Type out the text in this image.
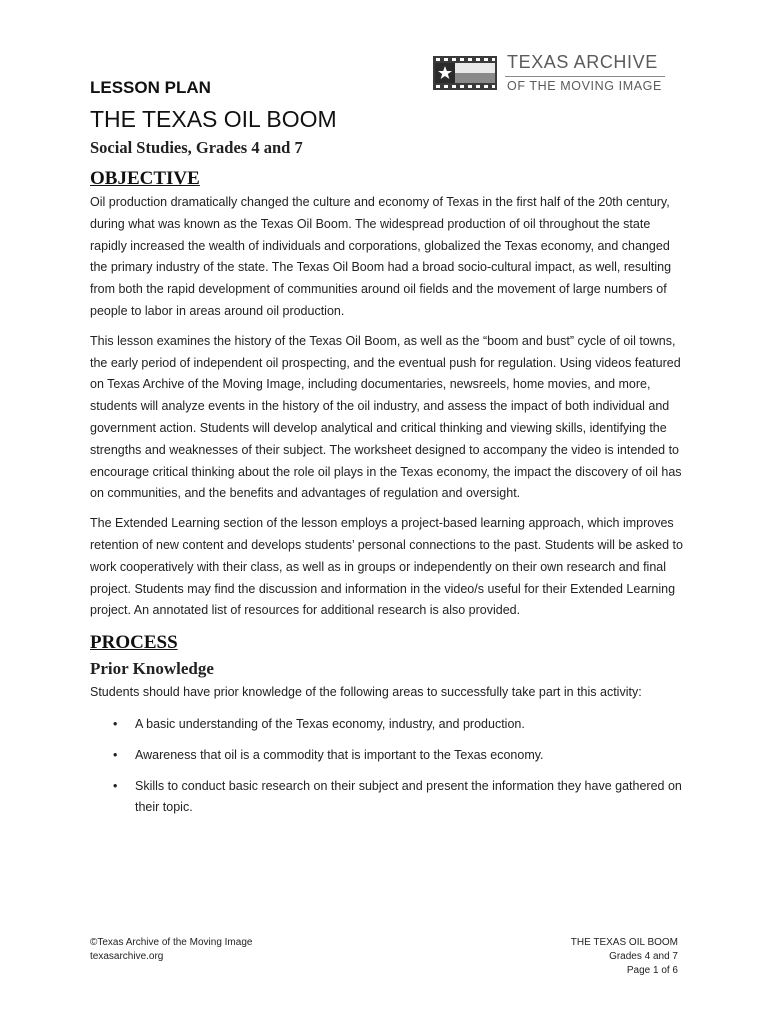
TEXAS ARCHIVE
OF THE MOVING IMAGE
LESSON PLAN
THE TEXAS OIL BOOM
Social Studies, Grades 4 and 7
OBJECTIVE

Oil production dramatically changed the culture and economy of Texas in the first half of the 20th century, during what was known as the Texas Oil Boom. The widespread production of oil throughout the state rapidly increased the wealth of individuals and corporations, globalized the Texas economy, and changed the primary industry of the state. The Texas Oil Boom had a broad socio-cultural impact, as well, resulting from both the rapid development of communities around oil fields and the movement of large numbers of people to labor in areas around oil production.

This lesson examines the history of the Texas Oil Boom, as well as the “boom and bust” cycle of oil towns, the early period of independent oil prospecting, and the eventual push for regulation. Using videos featured on Texas Archive of the Moving Image, including documentaries, newsreels, home movies, and more, students will analyze events in the history of the oil industry, and assess the impact of both individual and government action. Students will develop analytical and critical thinking and viewing skills, identifying the strengths and weaknesses of their subject. The worksheet designed to accompany the video is intended to encourage critical thinking about the role oil plays in the Texas economy, the impact the discovery of oil has on communities, and the benefits and advantages of regulation and oversight.

The Extended Learning section of the lesson employs a project-based learning approach, which improves retention of new content and develops students’ personal connections to the past. Students will be asked to work cooperatively with their class, as well as in groups or independently on their own research and final project. Students may find the discussion and information in the video/s useful for their Extended Learning project. An annotated list of resources for additional research is also provided.

PROCESS
Prior Knowledge

Students should have prior knowledge of the following areas to successfully take part in this activity:

• A basic understanding of the Texas economy, industry, and production.
• Awareness that oil is a commodity that is important to the Texas economy.
• Skills to conduct basic research on their subject and present the information they have gathered on their topic.
©Texas Archive of the Moving Image
texasarchive.org
THE TEXAS OIL BOOM
Grades 4 and 7
Page 1 of 6
